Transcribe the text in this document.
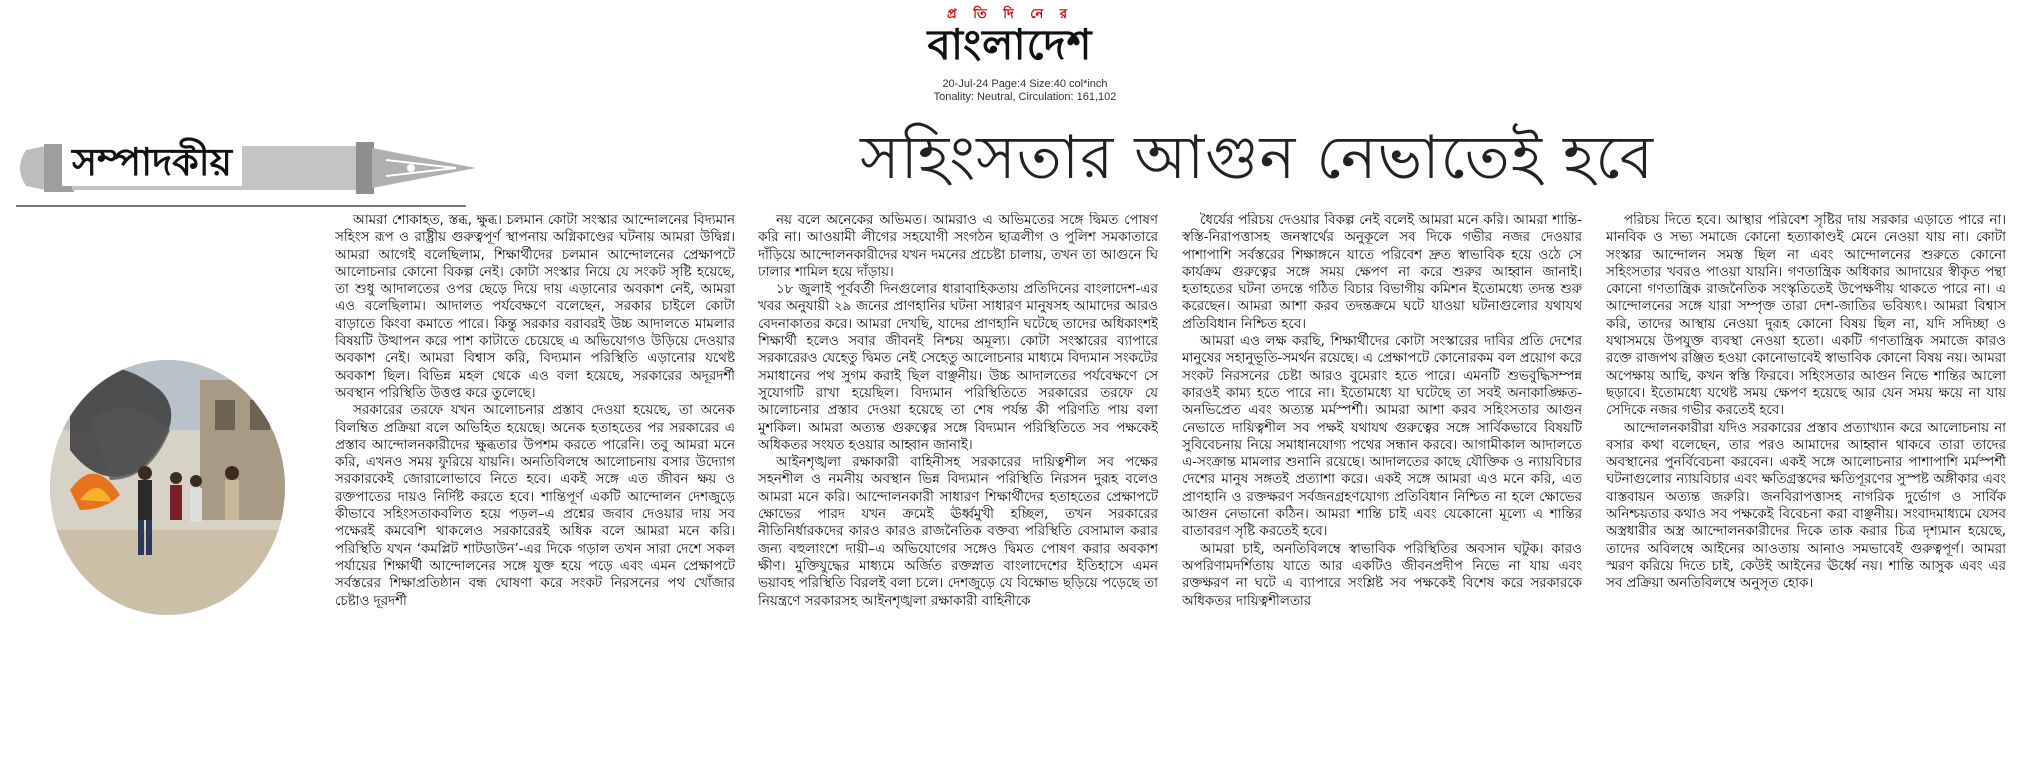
প্র তি দি নে র
বাংলাদেশ
20-Jul-24 Page:4 Size:40 col*inch
Tonality: Neutral, Circulation: 161,102
সম্পাদকীয়	সহিংসতার আগুন নেভাতেই হবে

আমরা শোকাহত, স্তব্ধ, ক্ষুব্ধ। চলমান কোটা সংস্কার আন্দোলনের বিদ্যমান সহিংস রূপ ও রাষ্ট্রীয় গুরুত্বপূর্ণ স্থাপনায় অগ্নিকাণ্ডের ঘটনায় আমরা উদ্বিগ্ন। আমরা আগেই বলেছিলাম, শিক্ষার্থীদের চলমান আন্দোলনের প্রেক্ষাপটে আলোচনার কোনো বিকল্প নেই। কোটা সংস্কার নিয়ে যে সংকট সৃষ্টি হয়েছে, তা শুধু আদালতের ওপর ছেড়ে দিয়ে দায় এড়ানোর অবকাশ নেই, আমরা এও বলেছিলাম। আদালত পর্যবেক্ষণে বলেছেন, সরকার চাইলে কোটা বাড়াতে কিংবা কমাতে পারে। কিন্তু সরকার বরাবরই উচ্চ আদালতে মামলার বিষয়টি উত্থাপন করে পাশ কাটাতে চেয়েছে এ অভিযোগও উড়িয়ে দেওয়ার অবকাশ নেই। আমরা বিশ্বাস করি, বিদ্যমান পরিস্থিতি এড়ানোর যথেষ্ট অবকাশ ছিল। বিভিন্ন মহল থেকে এও বলা হয়েছে, সরকারের অদূরদর্শী অবস্থান পরিস্থিতি উত্তপ্ত করে তুলেছে।

সরকারের তরফে যখন আলোচনার প্রস্তাব দেওয়া হয়েছে, তা অনেক বিলম্বিত প্রক্রিয়া বলে অভিহিত হয়েছে। অনেক হতাহতের পর সরকারের এ প্রস্তাব আন্দোলনকারীদের ক্ষুব্ধতার উপশম করতে পারেনি। তবু আমরা মনে করি, এখনও সময় ফুরিয়ে যায়নি। অনতিবিলম্বে আলোচনায় বসার উদ্যোগ সরকারকেই জোরালোভাবে নিতে হবে। একই সঙ্গে এত জীবন ক্ষয় ও রক্তপাতের দায়ও নির্দিষ্ট করতে হবে। শান্তিপূর্ণ একটি আন্দোলন দেশজুড়ে কীভাবে সহিংসতাকবলিত হয়ে পড়ল–এ প্রশ্নের জবাব দেওয়ার দায় সব পক্ষেরই কমবেশি থাকলেও সরকারেরই অধিক বলে আমরা মনে করি। পরিস্থিতি যখন ‘কমপ্লিট শাটডাউন’-এর দিকে গড়াল তখন সারা দেশে সকল পর্যায়ের শিক্ষার্থী আন্দোলনের সঙ্গে যুক্ত হয়ে পড়ে এবং এমন প্রেক্ষাপটে সর্বস্তরের শিক্ষাপ্রতিষ্ঠান বন্ধ ঘোষণা করে সংকট নিরসনের পথ খোঁজার চেষ্টাও দূরদর্শী

নয় বলে অনেকের অভিমত। আমরাও এ অভিমতের সঙ্গে দ্বিমত পোষণ করি না। আওয়ামী লীগের সহযোগী সংগঠন ছাত্রলীগ ও পুলিশ সমকাতারে দাঁড়িয়ে আন্দোলনকারীদের যখন দমনের প্রচেষ্টা চালায়, তখন তা আগুনে ঘি ঢালার শামিল হয়ে দাঁড়ায়।

১৮ জুলাই পূর্ববর্তী দিনগুলোর ধারাবাহিকতায় প্রতিদিনের বাংলাদেশ-এর খবর অনুযায়ী ২৯ জনের প্রাণহানির ঘটনা সাধারণ মানুষসহ আমাদের আরও বেদনাকাতর করে। আমরা দেখছি, যাদের প্রাণহানি ঘটেছে তাদের অধিকাংশই শিক্ষার্থী হলেও সবার জীবনই নিশ্চয় অমূল্য। কোটা সংস্কারের ব্যাপারে সরকারেরও যেহেতু দ্বিমত নেই সেহেতু আলোচনার মাধ্যমে বিদ্যমান সংকটের সমাধানের পথ সুগম করাই ছিল বাঞ্ছনীয়। উচ্চ আদালতের পর্যবেক্ষণে সে সুযোগটি রাখা হয়েছিল। বিদ্যমান পরিস্থিতিতে সরকারের তরফে যে আলোচনার প্রস্তাব দেওয়া হয়েছে তা শেষ পর্যন্ত কী পরিণতি পায় বলা মুশকিল। আমরা অত্যন্ত গুরুত্বের সঙ্গে বিদ্যমান পরিস্থিতিতে সব পক্ষকেই অধিকতর সংযত হওয়ার আহ্বান জানাই।

আইনশৃঙ্খলা রক্ষাকারী বাহিনীসহ সরকারের দায়িত্বশীল সব পক্ষের সহনশীল ও নমনীয় অবস্থান ভিন্ন বিদ্যমান পরিস্থিতি নিরসন দুরূহ বলেও আমরা মনে করি। আন্দোলনকারী সাধারণ শিক্ষার্থীদের হতাহতের প্রেক্ষাপটে ক্ষোভের পারদ যখন ক্রমেই ঊর্ধ্বমুখী হচ্ছিল, তখন সরকারের নীতিনির্ধারকদের কারও কারও রাজনৈতিক বক্তব্য পরিস্থিতি বেসামাল করার জন্য বহুলাংশে দায়ী–এ অভিযোগের সঙ্গেও দ্বিমত পোষণ করার অবকাশ ক্ষীণ। মুক্তিযুদ্ধের মাধ্যমে অর্জিত রক্তস্নাত বাংলাদেশের ইতিহাসে এমন ভয়াবহ পরিস্থিতি বিরলই বলা চলে। দেশজুড়ে যে বিক্ষোভ ছড়িয়ে পড়েছে তা নিয়ন্ত্রণে সরকারসহ আইনশৃঙ্খলা রক্ষাকারী বাহিনীকে

ধৈর্যের পরিচয় দেওয়ার বিকল্প নেই বলেই আমরা মনে করি। আমরা শান্তি-স্বস্তি-নিরাপত্তাসহ জনস্বার্থের অনুকূলে সব দিকে গভীর নজর দেওয়ার পাশাপাশি সর্বস্তরের শিক্ষাঙ্গনে যাতে পরিবেশ দ্রুত স্বাভাবিক হয়ে ওঠে সে কার্যক্রম গুরুত্বের সঙ্গে সময় ক্ষেপণ না করে শুরুর আহ্বান জানাই। হতাহতের ঘটনা তদন্তে গঠিত বিচার বিভাগীয় কমিশন ইতোমধ্যে তদন্ত শুরু করেছেন। আমরা আশা করব তদন্তক্রমে ঘটে যাওয়া ঘটনাগুলোর যথাযথ প্রতিবিধান নিশ্চিত হবে।

আমরা এও লক্ষ করছি, শিক্ষার্থীদের কোটা সংস্কারের দাবির প্রতি দেশের মানুষের সহানুভূতি-সমর্থন রয়েছে। এ প্রেক্ষাপটে কোনোরকম বল প্রয়োগ করে সংকট নিরসনের চেষ্টা আরও বুমেরাং হতে পারে। এমনটি শুভবুদ্ধিসম্পন্ন কারওই কাম্য হতে পারে না। ইতোমধ্যে যা ঘটেছে তা সবই অনাকাঙ্ক্ষিত-অনভিপ্রেত এবং অত্যন্ত মর্মস্পর্শী। আমরা আশা করব সহিংসতার আগুন নেভাতে দায়িত্বশীল সব পক্ষই যথাযথ গুরুত্বের সঙ্গে সার্বিকভাবে বিষয়টি সুবিবেচনায় নিয়ে সমাধানযোগ্য পথের সন্ধান করবে। আগামীকাল আদালতে এ-সংক্রান্ত মামলার শুনানি রয়েছে। আদালতের কাছে যৌক্তিক ও ন্যায়বিচার দেশের মানুষ সঙ্গতই প্রত্যাশা করে। একই সঙ্গে আমরা এও মনে করি, এত প্রাণহানি ও রক্তক্ষরণ সর্বজনগ্রহণযোগ্য প্রতিবিধান নিশ্চিত না হলে ক্ষোভের আগুন নেভানো কঠিন। আমরা শান্তি চাই এবং যেকোনো মূল্যে এ শান্তির বাতাবরণ সৃষ্টি করতেই হবে।

আমরা চাই, অনতিবিলম্বে স্বাভাবিক পরিস্থিতির অবসান ঘটুক। কারও অপরিণামদর্শিতায় যাতে আর একটিও জীবনপ্রদীপ নিভে না যায় এবং রক্তক্ষরণ না ঘটে এ ব্যাপারে সংশ্লিষ্ট সব পক্ষকেই বিশেষ করে সরকারকে অধিকতর দায়িত্বশীলতার

পরিচয় দিতে হবে। আস্থার পরিবেশ সৃষ্টির দায় সরকার এড়াতে পারে না। মানবিক ও সভ্য সমাজে কোনো হত্যাকাণ্ডই মেনে নেওয়া যায় না। কোটা সংস্কার আন্দোলন সমস্ত ছিল না এবং আন্দোলনের শুরুতে কোনো সহিংসতার খবরও পাওয়া যায়নি। গণতান্ত্রিক অধিকার আদায়ের স্বীকৃত পন্থা কোনো গণতান্ত্রিক রাজনৈতিক সংস্কৃতিতেই উপেক্ষণীয় থাকতে পারে না। এ আন্দোলনের সঙ্গে যারা সম্পৃক্ত তারা দেশ-জাতির ভবিষ্যৎ। আমরা বিশ্বাস করি, তাদের আস্থায় নেওয়া দুরূহ কোনো বিষয় ছিল না, যদি সদিচ্ছা ও যথাসময়ে উপযুক্ত ব্যবস্থা নেওয়া হতো। একটি গণতান্ত্রিক সমাজে কারও রক্তে রাজপথ রঞ্জিত হওয়া কোনোভাবেই স্বাভাবিক কোনো বিষয় নয়। আমরা অপেক্ষায় আছি, কখন স্বস্তি ফিরবে। সহিংসতার আগুন নিভে শান্তির আলো ছড়াবে। ইতোমধ্যে যথেষ্ট সময় ক্ষেপণ হয়েছে আর যেন সময় ক্ষয়ে না যায় সেদিকে নজর গভীর করতেই হবে।

আন্দোলনকারীরা যদিও সরকারের প্রস্তাব প্রত্যাখ্যান করে আলোচনায় না বসার কথা বলেছেন, তার পরও আমাদের আহ্বান থাকবে তারা তাদের অবস্থানের পুনর্বিবেচনা করবেন। একই সঙ্গে আলোচনার পাশাপাশি মর্মস্পর্শী ঘটনাগুলোর ন্যায়বিচার এবং ক্ষতিগ্রস্তদের ক্ষতিপূরণের সুস্পষ্ট অঙ্গীকার এবং বাস্তবায়ন অত্যন্ত জরুরি। জনবিরাপত্তাসহ নাগরিক দুর্ভোগ ও সার্বিক অনিশ্চয়তার কথাও সব পক্ষকেই বিবেচনা করা বাঞ্ছনীয়। সংবাদমাধ্যমে যেসব অস্ত্রধারীর অস্ত্র আন্দোলনকারীদের দিকে তাক করার চিত্র দৃশ্যমান হয়েছে, তাদের অবিলম্বে আইনের আওতায় আনাও সমভাবেই গুরুত্বপূর্ণ। আমরা স্মরণ করিয়ে দিতে চাই, কেউই আইনের ঊর্ধ্বে নয়। শান্তি আসুক এবং এর সব প্রক্রিয়া অনতিবিলম্বে অনুসৃত হোক।
